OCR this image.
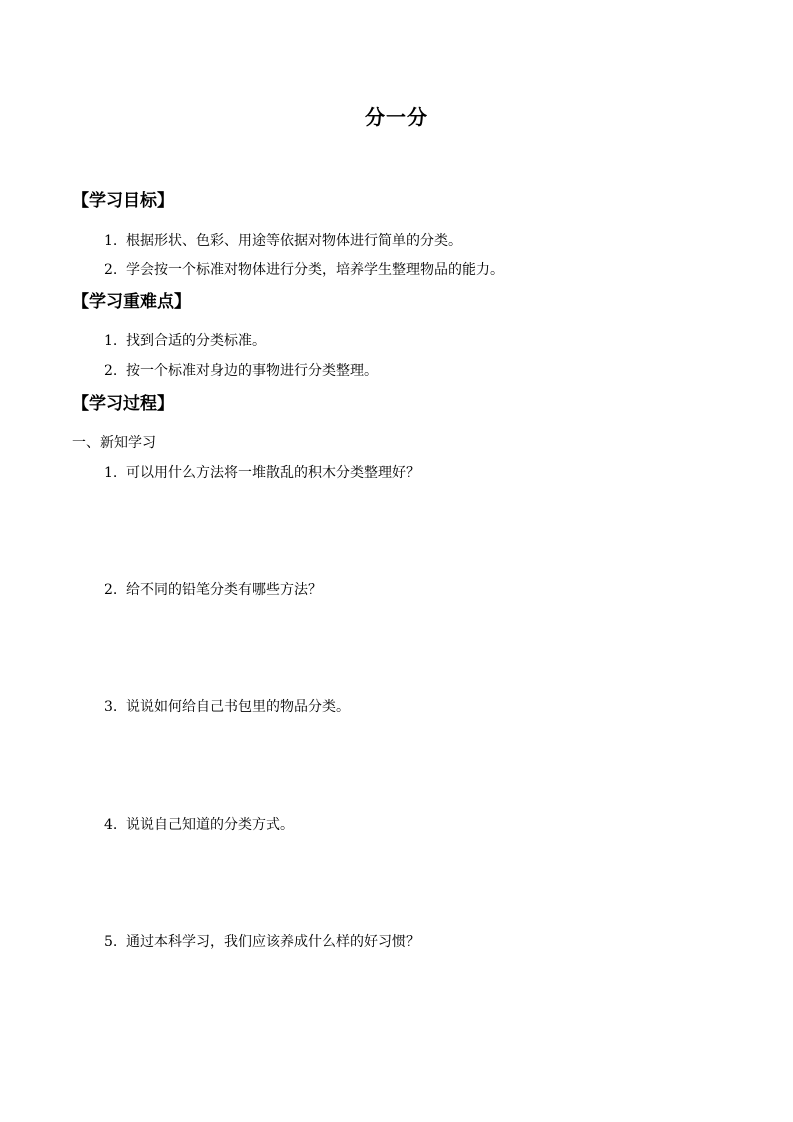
分一分
【学习目标】
1. 根据形状、色彩、用途等依据对物体进行简单的分类。
2. 学会按一个标准对物体进行分类，培养学生整理物品的能力。
【学习重难点】
1. 找到合适的分类标准。
2. 按一个标准对身边的事物进行分类整理。
【学习过程】
一、新知学习
1. 可以用什么方法将一堆散乱的积木分类整理好？
2. 给不同的铅笔分类有哪些方法？
3. 说说如何给自己书包里的物品分类。
4. 说说自己知道的分类方式。
5. 通过本科学习，我们应该养成什么样的好习惯？
